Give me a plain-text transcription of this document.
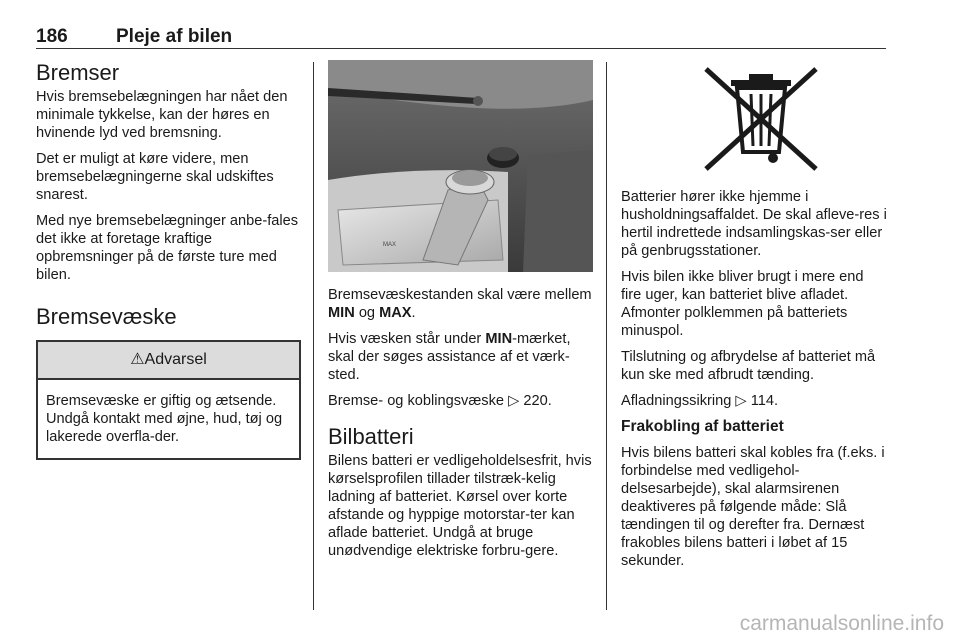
186	Pleje af bilen
Bremser

Hvis bremsebelægningen har nået den minimale tykkelse, kan der høres en hvinende lyd ved bremsning.

Det er muligt at køre videre, men bremsebelægningerne skal udskiftes snarest.

Med nye bremsebelægninger anbe-fales det ikke at foretage kraftige opbremsninger på de første ture med bilen.

Bremsevæske
⚠Advarsel
Bremsevæske er giftig og ætsende. Undgå kontakt med øjne, hud, tøj og lakerede overfla-der.
MAX

Bremsevæskestanden skal være mellem MIN og MAX.

Hvis væsken står under MIN-mærket, skal der søges assistance af et værk-sted.

Bremse- og koblingsvæske ▷ 220.

Bilbatteri

Bilens batteri er vedligeholdelsesfrit, hvis kørselsprofilen tillader tilstræk-kelig ladning af batteriet. Kørsel over korte afstande og hyppige motorstar-ter kan aflade batteriet. Undgå at bruge unødvendige elektriske forbru-gere.

Batterier hører ikke hjemme i husholdningsaffaldet. De skal afleve-res i hertil indrettede indsamlingskas-ser eller på genbrugsstationer.

Hvis bilen ikke bliver brugt i mere end fire uger, kan batteriet blive afladet. Afmonter polklemmen på batteriets minuspol.

Tilslutning og afbrydelse af batteriet må kun ske med afbrudt tænding.

Afladningssikring ▷ 114.

Frakobling af batteriet

Hvis bilens batteri skal kobles fra (f.eks. i forbindelse med vedligehol-delsesarbejde), skal alarmsirenen deaktiveres på følgende måde: Slå tændingen til og derefter fra. Dernæst frakobles bilens batteri i løbet af 15 sekunder.

carmanualsonline.info
